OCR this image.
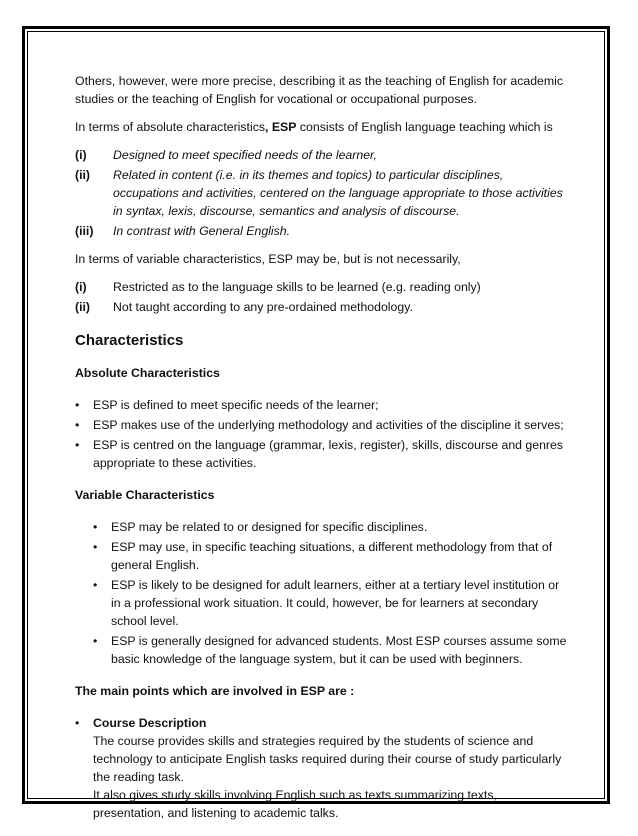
Others, however, were more precise, describing it as the teaching of English for academic studies or the teaching of English for vocational or occupational purposes.

In terms of absolute characteristics, ESP consists of English language teaching which is

(i)	Designed to meet specified needs of the learner,
(ii)	Related in content (i.e. in its themes and topics) to particular disciplines, occupations and activities, centered on the language appropriate to those activities in syntax, lexis, discourse, semantics and analysis of discourse.
(iii)	In contrast with General English.

In terms of variable characteristics, ESP may be, but is not necessarily,

(i)	Restricted as to the language skills to be learned (e.g. reading only)
(ii)	Not taught according to any pre-ordained methodology.
Characteristics
Absolute Characteristics
•	ESP is defined to meet specific needs of the learner;
•	ESP makes use of the underlying methodology and activities of the discipline it serves;
•	ESP is centred on the language (grammar, lexis, register), skills, discourse and genres appropriate to these activities.
Variable Characteristics
•	ESP may be related to or designed for specific disciplines.
•	ESP may use, in specific teaching situations, a different methodology from that of general English.
•	ESP is likely to be designed for adult learners, either at a tertiary level institution or in a professional work situation. It could, however, be for learners at secondary school level.
•	ESP is generally designed for advanced students. Most ESP courses assume some basic knowledge of the language system, but it can be used with beginners.
The main points which are involved in ESP are :
•	Course Description
The course provides skills and strategies required by the students of science and technology to anticipate English tasks required during their course of study particularly the reading task.
It also gives study skills involving English such as texts summarizing texts, presentation, and listening to academic talks.
